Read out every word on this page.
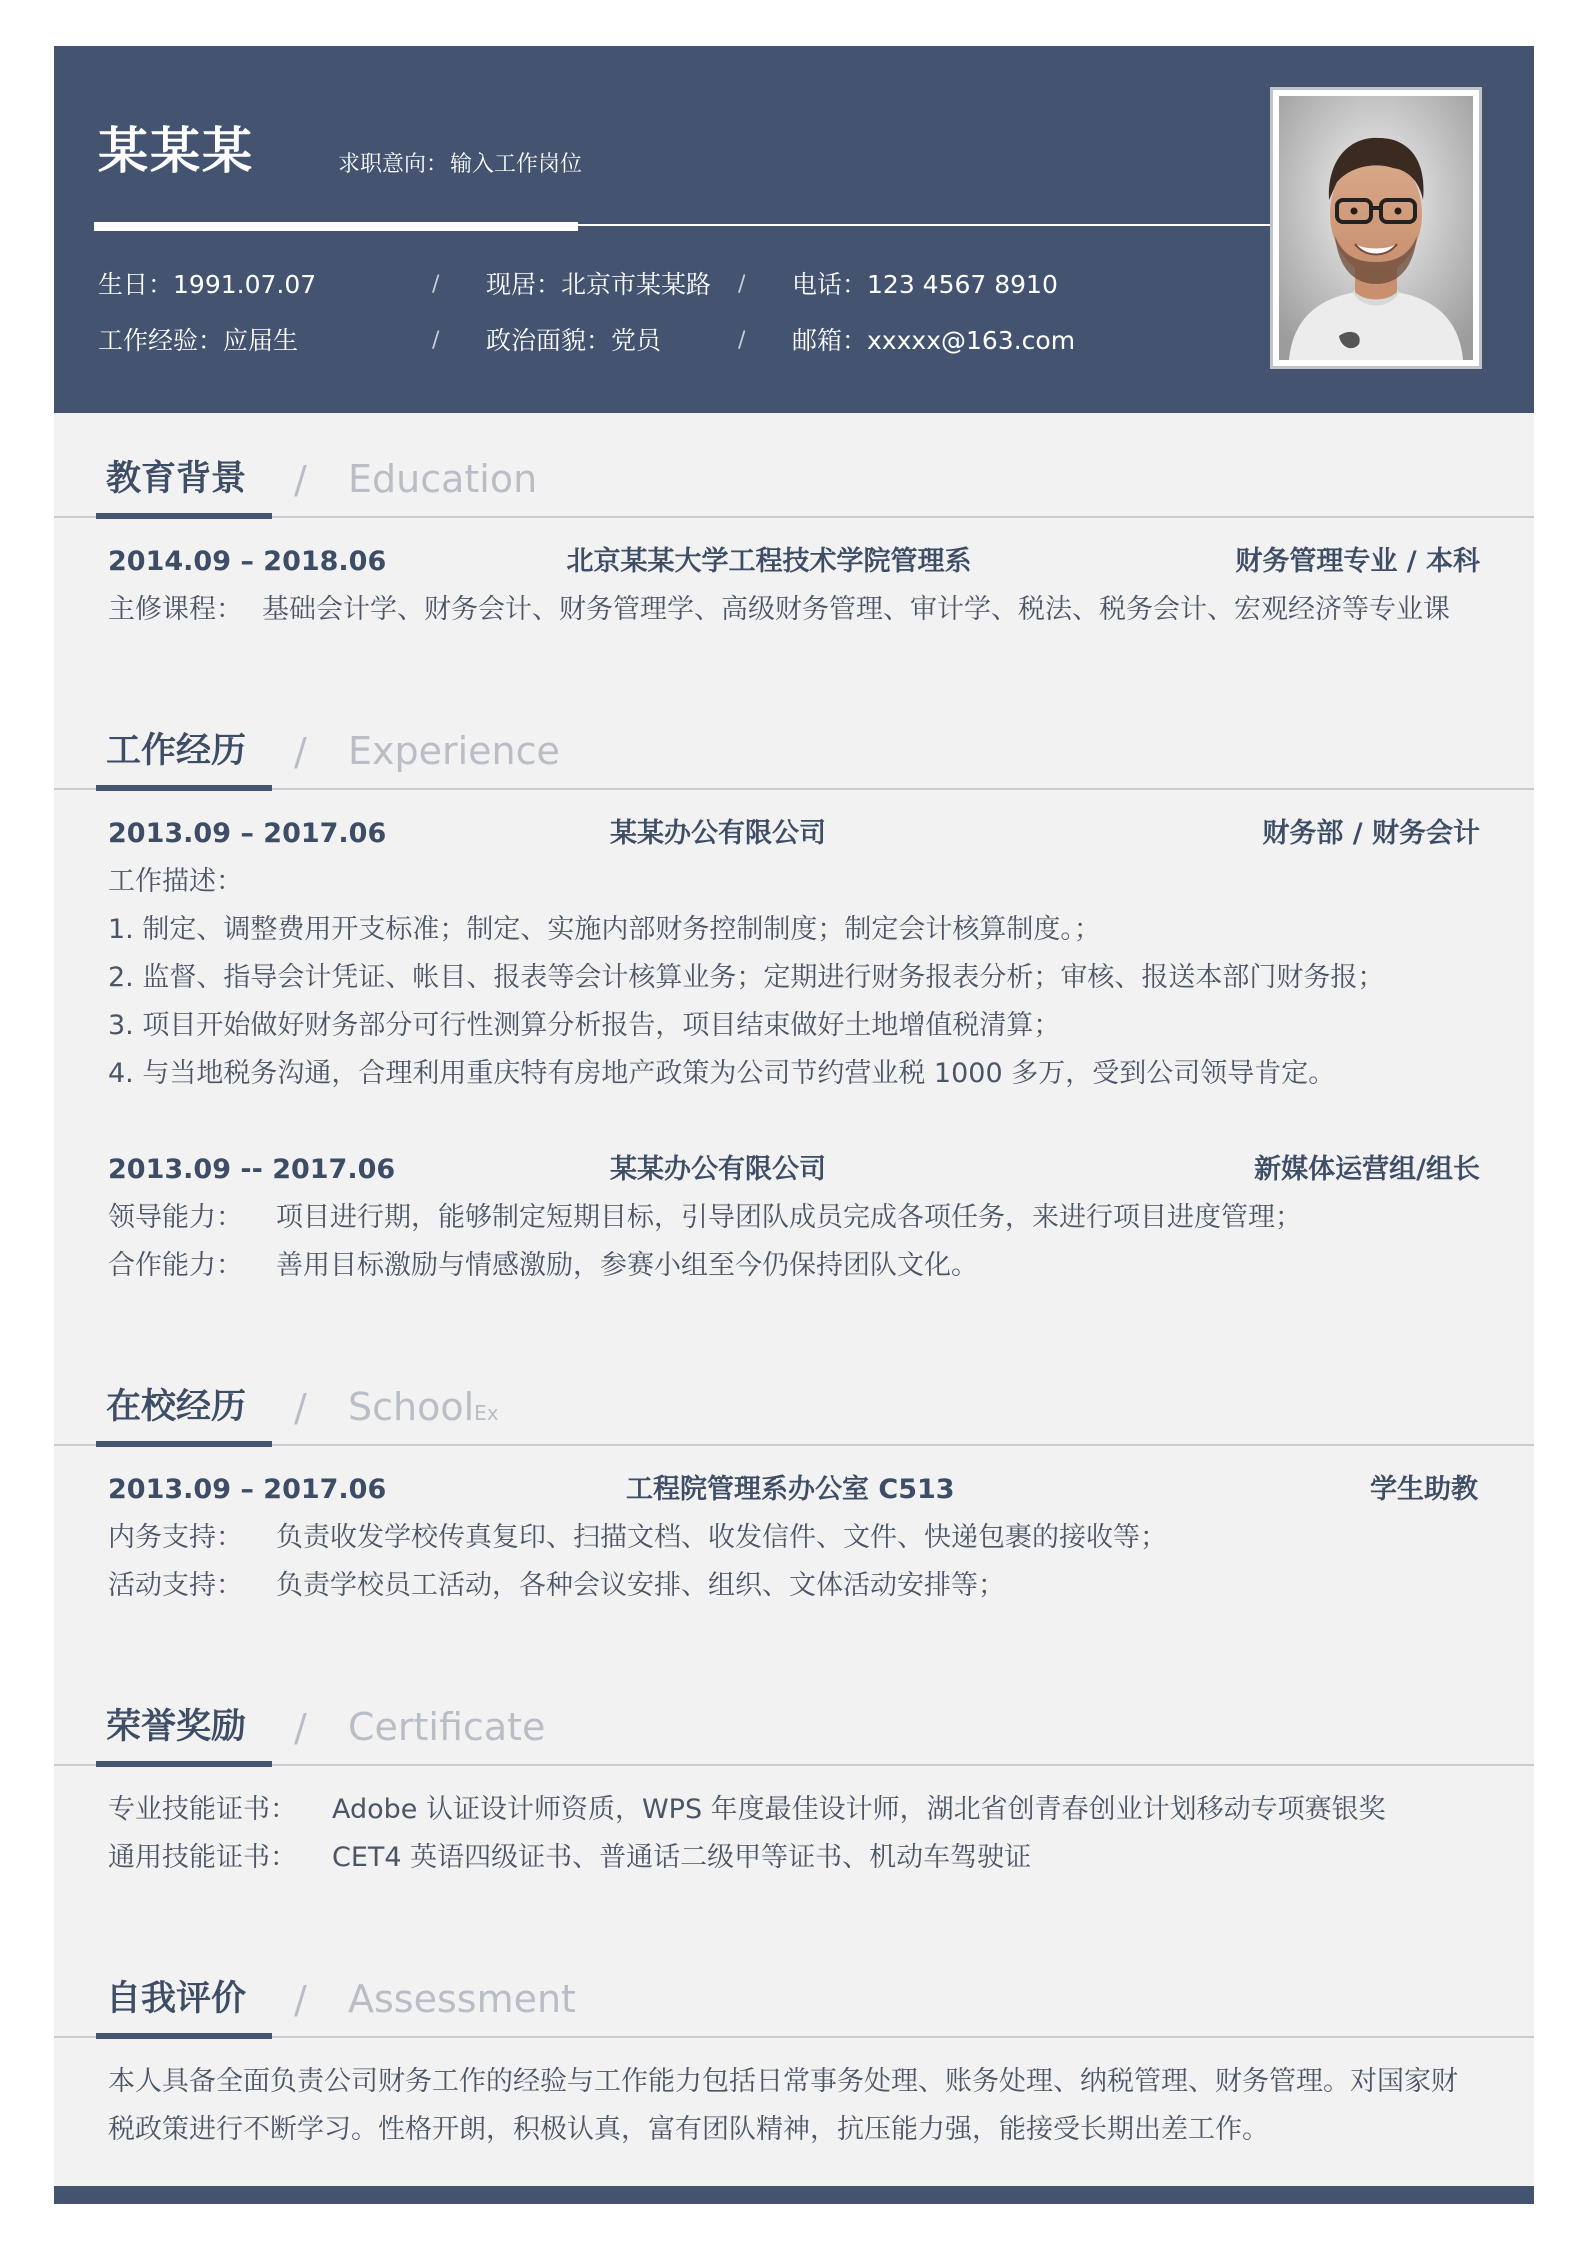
某某某	求职意向：输入工作岗位
生日：1991.07.07	/ 现居：北京市某某路 / 电话：123 4567 8910
工作经验：应届生	/ 政治面貌：党员	/ 邮箱：xxxxx@163.com
教育背景 / Education
2014.09 – 2018.06	北京某某大学工程技术学院管理系	财务管理专业 / 本科
主修课程： 基础会计学、财务会计、财务管理学、高级财务管理、审计学、税法、税务会计、宏观经济等专业课
工作经历 / Experience
2013.09 – 2017.06	某某办公有限公司	财务部 / 财务会计
工作描述：
1. 制定、调整费用开支标准；制定、实施内部财务控制制度；制定会计核算制度。；
2. 监督、指导会计凭证、帐目、报表等会计核算业务；定期进行财务报表分析；审核、报送本部门财务报；
3. 项目开始做好财务部分可行性测算分析报告，项目结束做好土地增值税清算；
4. 与当地税务沟通，合理利用重庆特有房地产政策为公司节约营业税 1000 多万，受到公司领导肯定。
2013.09 -- 2017.06	某某办公有限公司	新媒体运营组/组长
领导能力： 项目进行期，能够制定短期目标，引导团队成员完成各项任务，来进行项目进度管理；
合作能力： 善用目标激励与情感激励，参赛小组至今仍保持团队文化。
在校经历 / SchoolEx
2013.09 – 2017.06	工程院管理系办公室 C513	学生助教
内务支持： 负责收发学校传真复印、扫描文档、收发信件、文件、快递包裹的接收等；
活动支持： 负责学校员工活动，各种会议安排、组织、文体活动安排等；
荣誉奖励 / Certificate
专业技能证书： Adobe 认证设计师资质，WPS 年度最佳设计师，湖北省创青春创业计划移动专项赛银奖
通用技能证书： CET4 英语四级证书、普通话二级甲等证书、机动车驾驶证
自我评价 / Assessment
本人具备全面负责公司财务工作的经验与工作能力包括日常事务处理、账务处理、纳税管理、财务管理。对国家财
税政策进行不断学习。性格开朗，积极认真，富有团队精神，抗压能力强，能接受长期出差工作。
